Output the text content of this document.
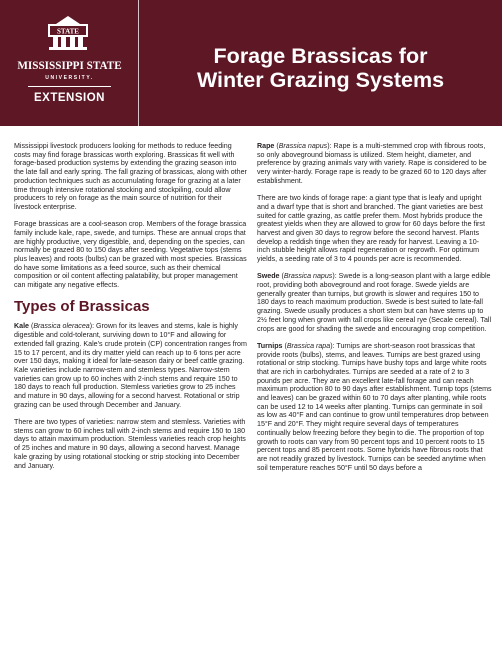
STATE
MISSISSIPPI STATE
UNIVERSITY.
EXTENSION
Forage Brassicas for
Winter Grazing Systems

Mississippi livestock producers looking for methods to reduce feeding costs may find forage brassicas worth exploring. Brassicas fit well with forage-based production systems by extending the grazing season into the late fall and early spring. The fall grazing of brassicas, along with other production techniques such as accumulating forage for grazing at a later time through intensive rotational stocking and stockpiling, could allow producers to rely on forage as the main source of nutrition for their livestock enterprise.

Forage brassicas are a cool-season crop. Members of the forage brassica family include kale, rape, swede, and turnips. These are annual crops that are highly productive, very digestible, and, depending on the species, can normally be grazed 80 to 150 days after seeding. Vegetative tops (stems plus leaves) and roots (bulbs) can be grazed with most species. Brassicas do have some limitations as a feed source, such as their chemical composition or oil content affecting palatability, but proper management can mitigate any negative effects.

Types of Brassicas

Kale (Brassica oleracea): Grown for its leaves and stems, kale is highly digestible and cold-tolerant, surviving down to 10°F and allowing for extended fall grazing. Kale’s crude protein (CP) concentration ranges from 15 to 17 percent, and its dry matter yield can reach up to 6 tons per acre over 150 days, making it ideal for late-season dairy or beef cattle grazing. Kale varieties include narrow-stem and stemless types. Narrow-stem varieties can grow up to 60 inches with 2-inch stems and require 150 to 180 days to reach full production. Stemless varieties grow to 25 inches and mature in 90 days, allowing for a second harvest. Rotational or strip grazing can be used through December and January.

There are two types of varieties: narrow stem and stemless. Varieties with stems can grow to 60 inches tall with 2-inch stems and require 150 to 180 days to attain maximum production. Stemless varieties reach crop heights of 25 inches and mature in 90 days, allowing a second harvest. Manage kale grazing by using rotational stocking or strip stocking into December and January.

Rape (Brassica napus): Rape is a multi-stemmed crop with fibrous roots, so only aboveground biomass is utilized. Stem height, diameter, and preference by grazing animals vary with variety. Rape is considered to be very winter-hardy. Forage rape is ready to be grazed 60 to 120 days after establishment.

There are two kinds of forage rape: a giant type that is leafy and upright and a dwarf type that is short and branched. The giant varieties are best suited for cattle grazing, as cattle prefer them. Most hybrids produce the greatest yields when they are allowed to grow for 60 days before the first harvest and given 30 days to regrow before the second harvest. Plants develop a reddish tinge when they are ready for harvest. Leaving a 10-inch stubble height allows rapid regeneration or regrowth. For optimum yields, a seeding rate of 3 to 4 pounds per acre is recommended.

Swede (Brassica napus): Swede is a long-season plant with a large edible root, providing both aboveground and root forage. Swede yields are generally greater than turnips, but growth is slower and requires 150 to 180 days to reach maximum production. Swede is best suited to late-fall grazing. Swede usually produces a short stem but can have stems up to 2½ feet long when grown with tall crops like cereal rye (Secale cereal). Tall crops are good for shading the swede and encouraging crop competition.

Turnips (Brassica rapa): Turnips are short-season root brassicas that provide roots (bulbs), stems, and leaves. Turnips are best grazed using rotational or strip stocking. Turnips have bushy tops and large white roots that are rich in carbohydrates. Turnips are seeded at a rate of 2 to 3 pounds per acre. They are an excellent late-fall forage and can reach maximum production 80 to 90 days after establishment. Turnip tops (stems and leaves) can be grazed within 60 to 70 days after planting, while roots can be used 12 to 14 weeks after planting. Turnips can germinate in soil as low as 40°F and can continue to grow until temperatures drop between 15°F and 20°F. They might require several days of temperatures continually below freezing before they begin to die. The proportion of top growth to roots can vary from 90 percent tops and 10 percent roots to 15 percent tops and 85 percent roots. Some hybrids have fibrous roots that are not readily grazed by livestock. Turnips can be seeded anytime when soil temperature reaches 50°F until 50 days before a
